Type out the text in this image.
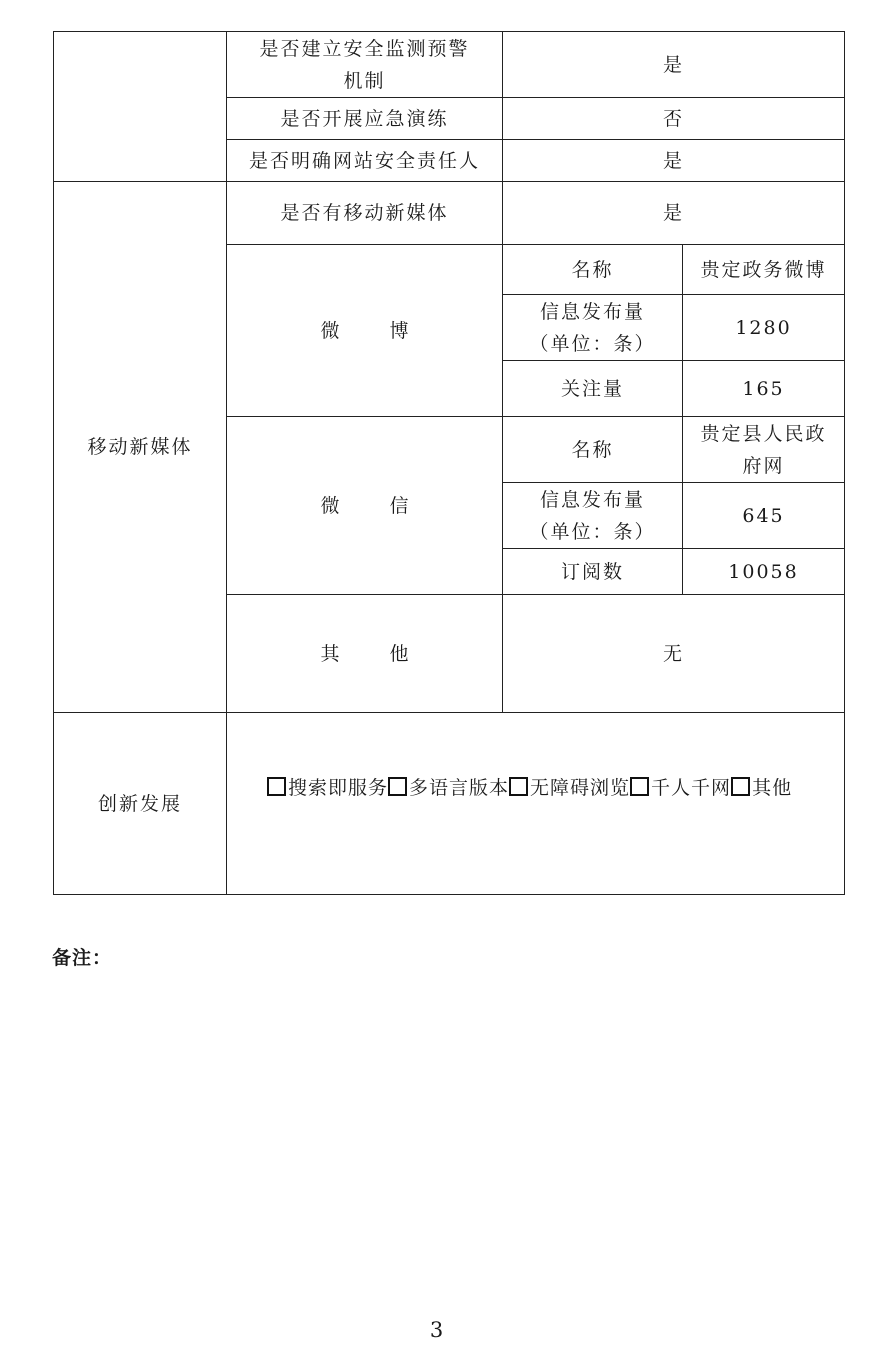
	是否建立安全监测预警机制	是	
	是否开展应急演练	否	
	是否明确网站安全责任人	是	
移动新媒体	是否有移动新媒体	是	
	微 博	名称	贵定政务微博
		信息发布量（单位：条）	1280
		关注量	165
	微 信	名称	贵定县人民政府网
		信息发布量（单位：条）	645
		订阅数	10058
	其 他	无	
创新发展	搜索即服务 多语言版本 无障碍浏览 千人千网 其他		
备注：
3
